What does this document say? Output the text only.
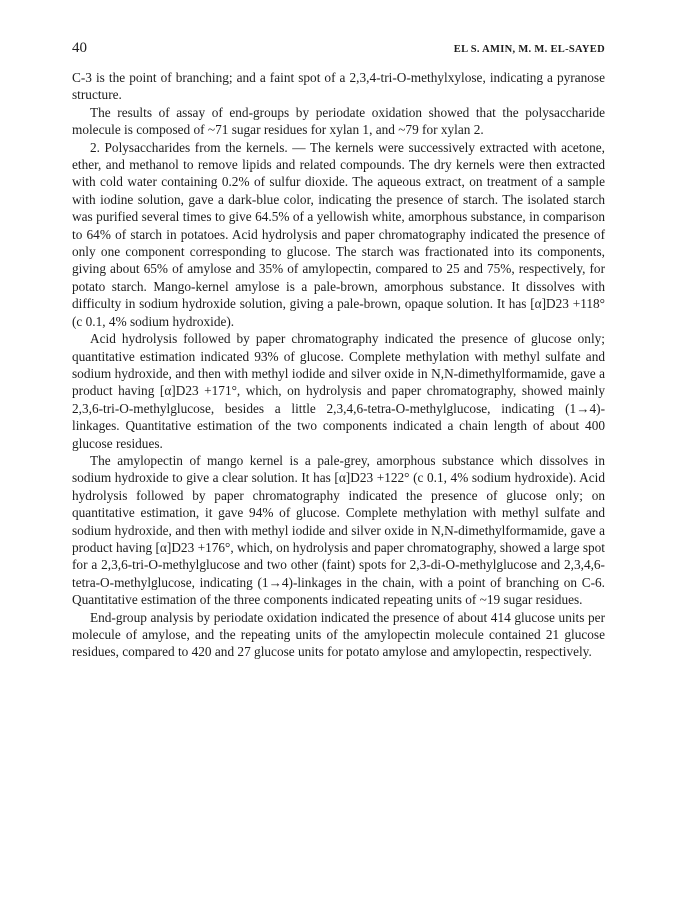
40	EL S. AMIN, M. M. EL-SAYED

C-3 is the point of branching; and a faint spot of a 2,3,4-tri-O-methylxylose, indicating a pyranose structure.

The results of assay of end-groups by periodate oxidation showed that the polysaccharide molecule is composed of ~71 sugar residues for xylan 1, and ~79 for xylan 2.

2. Polysaccharides from the kernels. — The kernels were successively extracted with acetone, ether, and methanol to remove lipids and related compounds. The dry kernels were then extracted with cold water containing 0.2% of sulfur dioxide. The aqueous extract, on treatment of a sample with iodine solution, gave a dark-blue color, indicating the presence of starch. The isolated starch was purified several times to give 64.5% of a yellowish white, amorphous substance, in comparison to 64% of starch in potatoes. Acid hydrolysis and paper chromatography indicated the presence of only one component corresponding to glucose. The starch was fractionated into its components, giving about 65% of amylose and 35% of amylopectin, compared to 25 and 75%, respectively, for potato starch. Mango-kernel amylose is a pale-brown, amorphous substance. It dissolves with difficulty in sodium hydroxide solution, giving a pale-brown, opaque solution. It has [α]D23 +118° (c 0.1, 4% sodium hydroxide).

Acid hydrolysis followed by paper chromatography indicated the presence of glucose only; quantitative estimation indicated 93% of glucose. Complete methylation with methyl sulfate and sodium hydroxide, and then with methyl iodide and silver oxide in N,N-dimethylformamide, gave a product having [α]D23 +171°, which, on hydrolysis and paper chromatography, showed mainly 2,3,6-tri-O-methylglucose, besides a little 2,3,4,6-tetra-O-methylglucose, indicating (1→4)-linkages. Quantitative estimation of the two components indicated a chain length of about 400 glucose residues.

The amylopectin of mango kernel is a pale-grey, amorphous substance which dissolves in sodium hydroxide to give a clear solution. It has [α]D23 +122° (c 0.1, 4% sodium hydroxide). Acid hydrolysis followed by paper chromatography indicated the presence of glucose only; on quantitative estimation, it gave 94% of glucose. Complete methylation with methyl sulfate and sodium hydroxide, and then with methyl iodide and silver oxide in N,N-dimethylformamide, gave a product having [α]D23 +176°, which, on hydrolysis and paper chromatography, showed a large spot for a 2,3,6-tri-O-methylglucose and two other (faint) spots for 2,3-di-O-methylglucose and 2,3,4,6-tetra-O-methylglucose, indicating (1→4)-linkages in the chain, with a point of branching on C-6. Quantitative estimation of the three components indicated repeating units of ~19 sugar residues.

End-group analysis by periodate oxidation indicated the presence of about 414 glucose units per molecule of amylose, and the repeating units of the amylopectin molecule contained 21 glucose residues, compared to 420 and 27 glucose units for potato amylose and amylopectin, respectively.
